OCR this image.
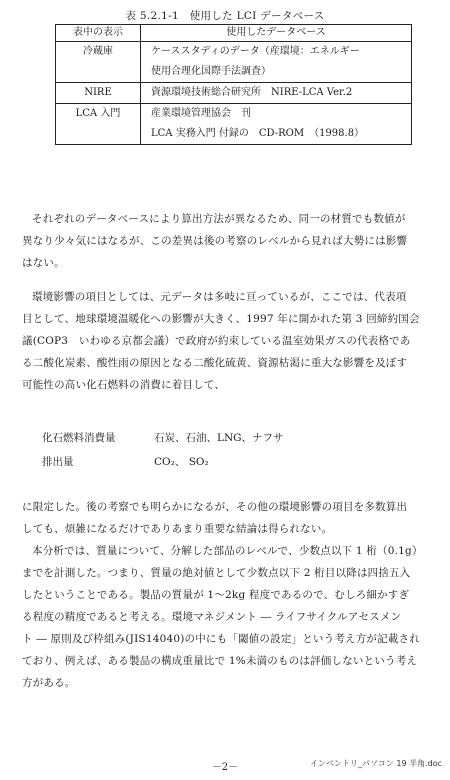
表 5.2.1-1　使用した LCI データベース
表中の表示	使用したデータベース

冷蔵庫	ケーススタディのデータ（産環境：エネルギー
使用合理化国際手法調査）

NIRE	資源環境技術総合研究所　NIRE-LCA Ver.2

LCA 入門	産業環境管理協会　刊
LCA 実務入門 付録の　CD-ROM　（1998.8）

それぞれのデータベースにより算出方法が異なるため、同一の材質でも数値が

異なり少々気にはなるが、この差異は後の考察のレベルから見れば大勢には影響

はない。

環境影響の項目としては、元データは多岐に亘っているが、ここでは、代表項

目として、地球環境温暖化への影響が大きく、1997 年に開かれた第 3 回締約国会

議(COP3　いわゆる京都会議）で政府が約束している温室効果ガスの代表格であ

る二酸化炭素、酸性雨の原因となる二酸化硫黄、資源枯渇に重大な影響を及ぼす

可能性の高い化石燃料の消費に着目して、

化石燃料消費量	石炭、石油、LNG、ナフサ
排出量	CO₂、 SO₂

に限定した。後の考察でも明らかになるが、その他の環境影響の項目を多数算出

しても、煩雑になるだけでありあまり重要な結論は得られない。

本分析では、質量について、分解した部品のレベルで、少数点以下 1 桁（0.1g）

までを計測した。つまり、質量の絶対値として少数点以下 2 桁目以降は四捨五入

したということである。製品の質量が 1〜2kg 程度であるので、むしろ細かすぎ

る程度の精度であると考える。環境マネジメント ― ライフサイクルアセスメン

ト ― 原則及び枠組み(JIS14040)の中にも「閾値の設定」という考え方が記載され

ており、例えば、ある製品の構成重量比で 1%未満のものは評価しないという考え

方がある。

－2－	インベントリ_パソコン 19 半角.doc
